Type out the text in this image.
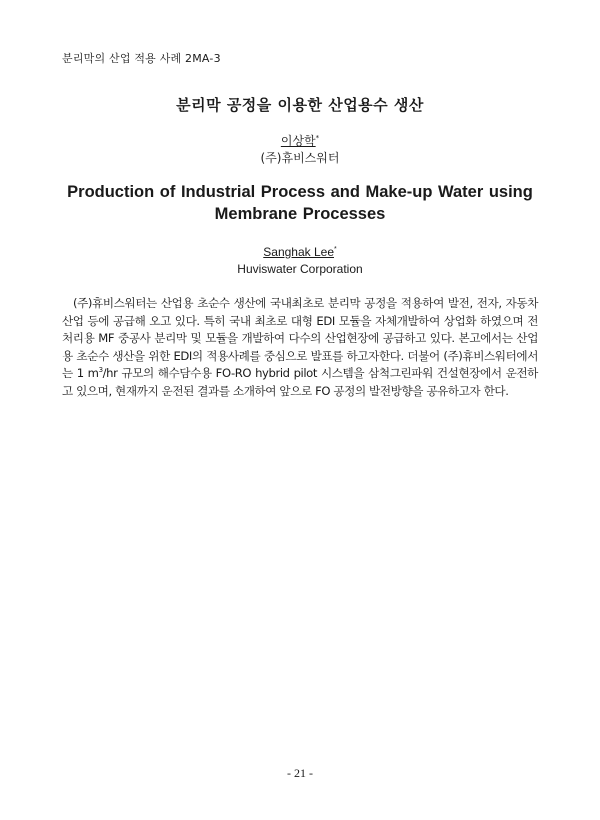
분리막의 산업 적용 사례 2MA-3
분리막 공정을 이용한 산업용수 생산
이상학*
(주)휴비스워터
Production of Industrial Process and Make-up Water using
Membrane Processes
Sanghak Lee*
Huviswater Corporation

(주)휴비스워터는 산업용 초순수 생산에 국내최초로 분리막 공정을 적용하여 발전, 전자, 자동차 산업 등에 공급해 오고 있다. 특히 국내 최초로 대형 EDI 모듈을 자체개발하여 상업화 하였으며 전처리용 MF 중공사 분리막 및 모듈을 개발하여 다수의 산업현장에 공급하고 있다. 본고에서는 산업용 초순수 생산을 위한 EDI의 적용사례를 중심으로 발표를 하고자한다. 더불어 (주)휴비스워터에서는 1 $m^3/hr$ 규모의 해수담수용 FO-RO hybrid pilot 시스템을 삼척그린파워 건설현장에서 운전하고 있으며, 현재까지 운전된 결과를 소개하여 앞으로 FO 공정의 발전방향을 공유하고자 한다.

- 21 -
